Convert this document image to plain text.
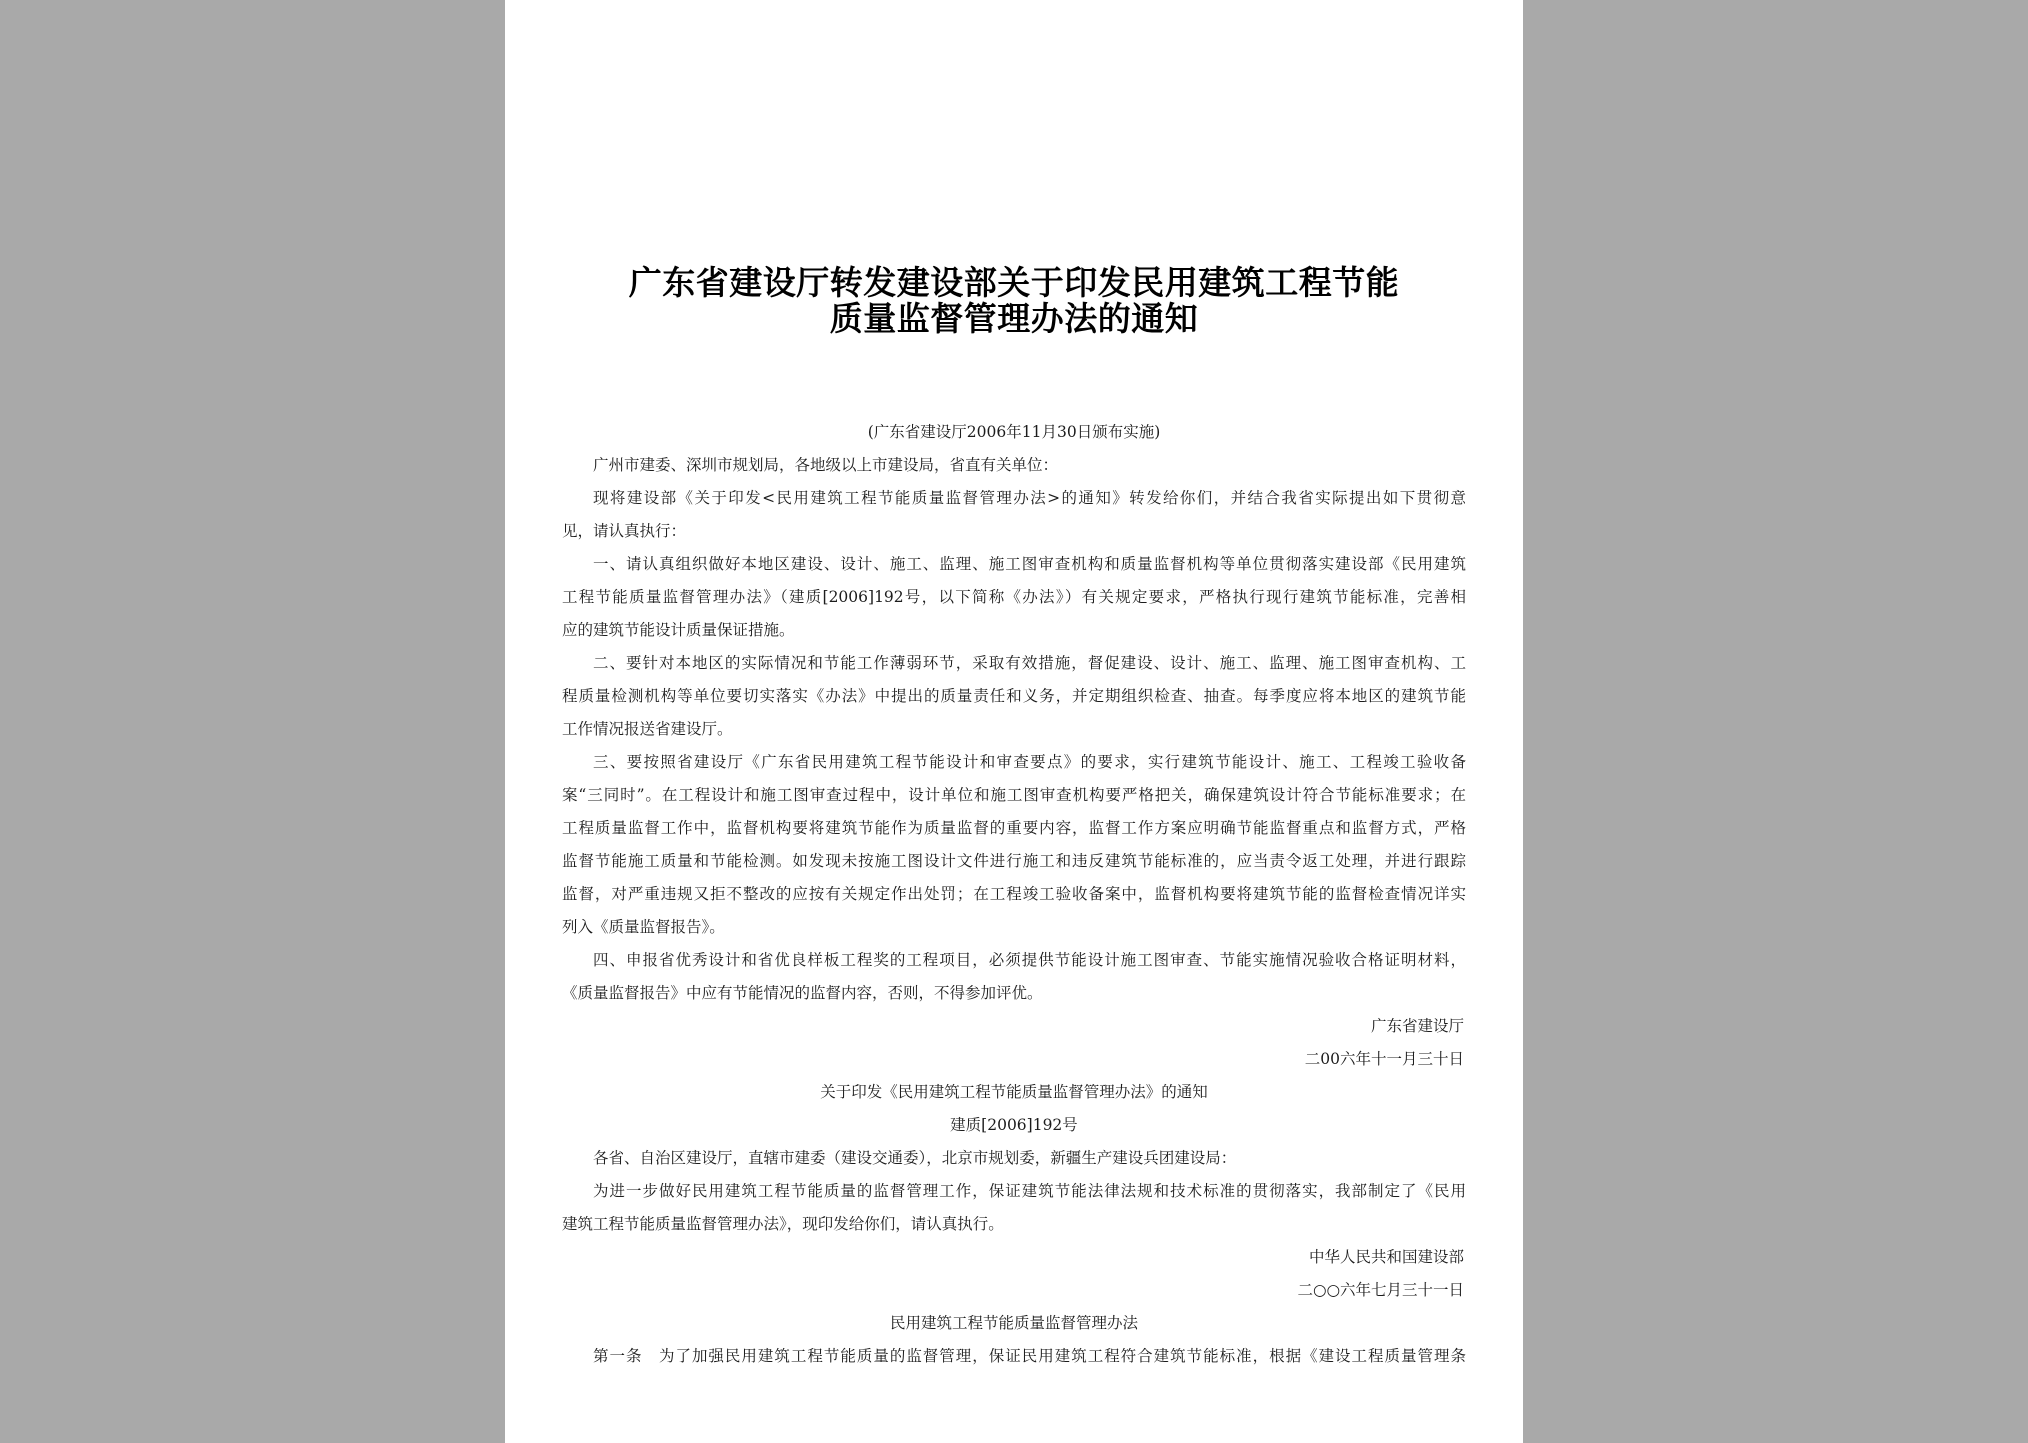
广东省建设厅转发建设部关于印发民用建筑工程节能
质量监督管理办法的通知
(广东省建设厅2006年11月30日颁布实施)
广州市建委、深圳市规划局，各地级以上市建设局，省直有关单位：
现将建设部《关于印发<民用建筑工程节能质量监督管理办法>的通知》转发给你们，并结合我省实际提出如下贯彻意
见，请认真执行：
一、请认真组织做好本地区建设、设计、施工、监理、施工图审查机构和质量监督机构等单位贯彻落实建设部《民用建筑
工程节能质量监督管理办法》（建质[2006]192号，以下简称《办法》）有关规定要求，严格执行现行建筑节能标准，完善相
应的建筑节能设计质量保证措施。
二、要针对本地区的实际情况和节能工作薄弱环节，采取有效措施，督促建设、设计、施工、监理、施工图审查机构、工
程质量检测机构等单位要切实落实《办法》中提出的质量责任和义务，并定期组织检查、抽查。每季度应将本地区的建筑节能
工作情况报送省建设厅。
三、要按照省建设厅《广东省民用建筑工程节能设计和审查要点》的要求，实行建筑节能设计、施工、工程竣工验收备
案“三同时”。在工程设计和施工图审查过程中，设计单位和施工图审查机构要严格把关，确保建筑设计符合节能标准要求；在
工程质量监督工作中，监督机构要将建筑节能作为质量监督的重要内容，监督工作方案应明确节能监督重点和监督方式，严格
监督节能施工质量和节能检测。如发现未按施工图设计文件进行施工和违反建筑节能标准的，应当责令返工处理，并进行跟踪
监督，对严重违规又拒不整改的应按有关规定作出处罚；在工程竣工验收备案中，监督机构要将建筑节能的监督检查情况详实
列入《质量监督报告》。
四、申报省优秀设计和省优良样板工程奖的工程项目，必须提供节能设计施工图审查、节能实施情况验收合格证明材料，
《质量监督报告》中应有节能情况的监督内容，否则，不得参加评优。
广东省建设厅
二00六年十一月三十日
关于印发《民用建筑工程节能质量监督管理办法》的通知
建质[2006]192号
各省、自治区建设厅，直辖市建委（建设交通委），北京市规划委，新疆生产建设兵团建设局：
为进一步做好民用建筑工程节能质量的监督管理工作，保证建筑节能法律法规和技术标准的贯彻落实，我部制定了《民用
建筑工程节能质量监督管理办法》，现印发给你们，请认真执行。
中华人民共和国建设部
二○○六年七月三十一日
民用建筑工程节能质量监督管理办法
第一条　为了加强民用建筑工程节能质量的监督管理，保证民用建筑工程符合建筑节能标准，根据《建设工程质量管理条
